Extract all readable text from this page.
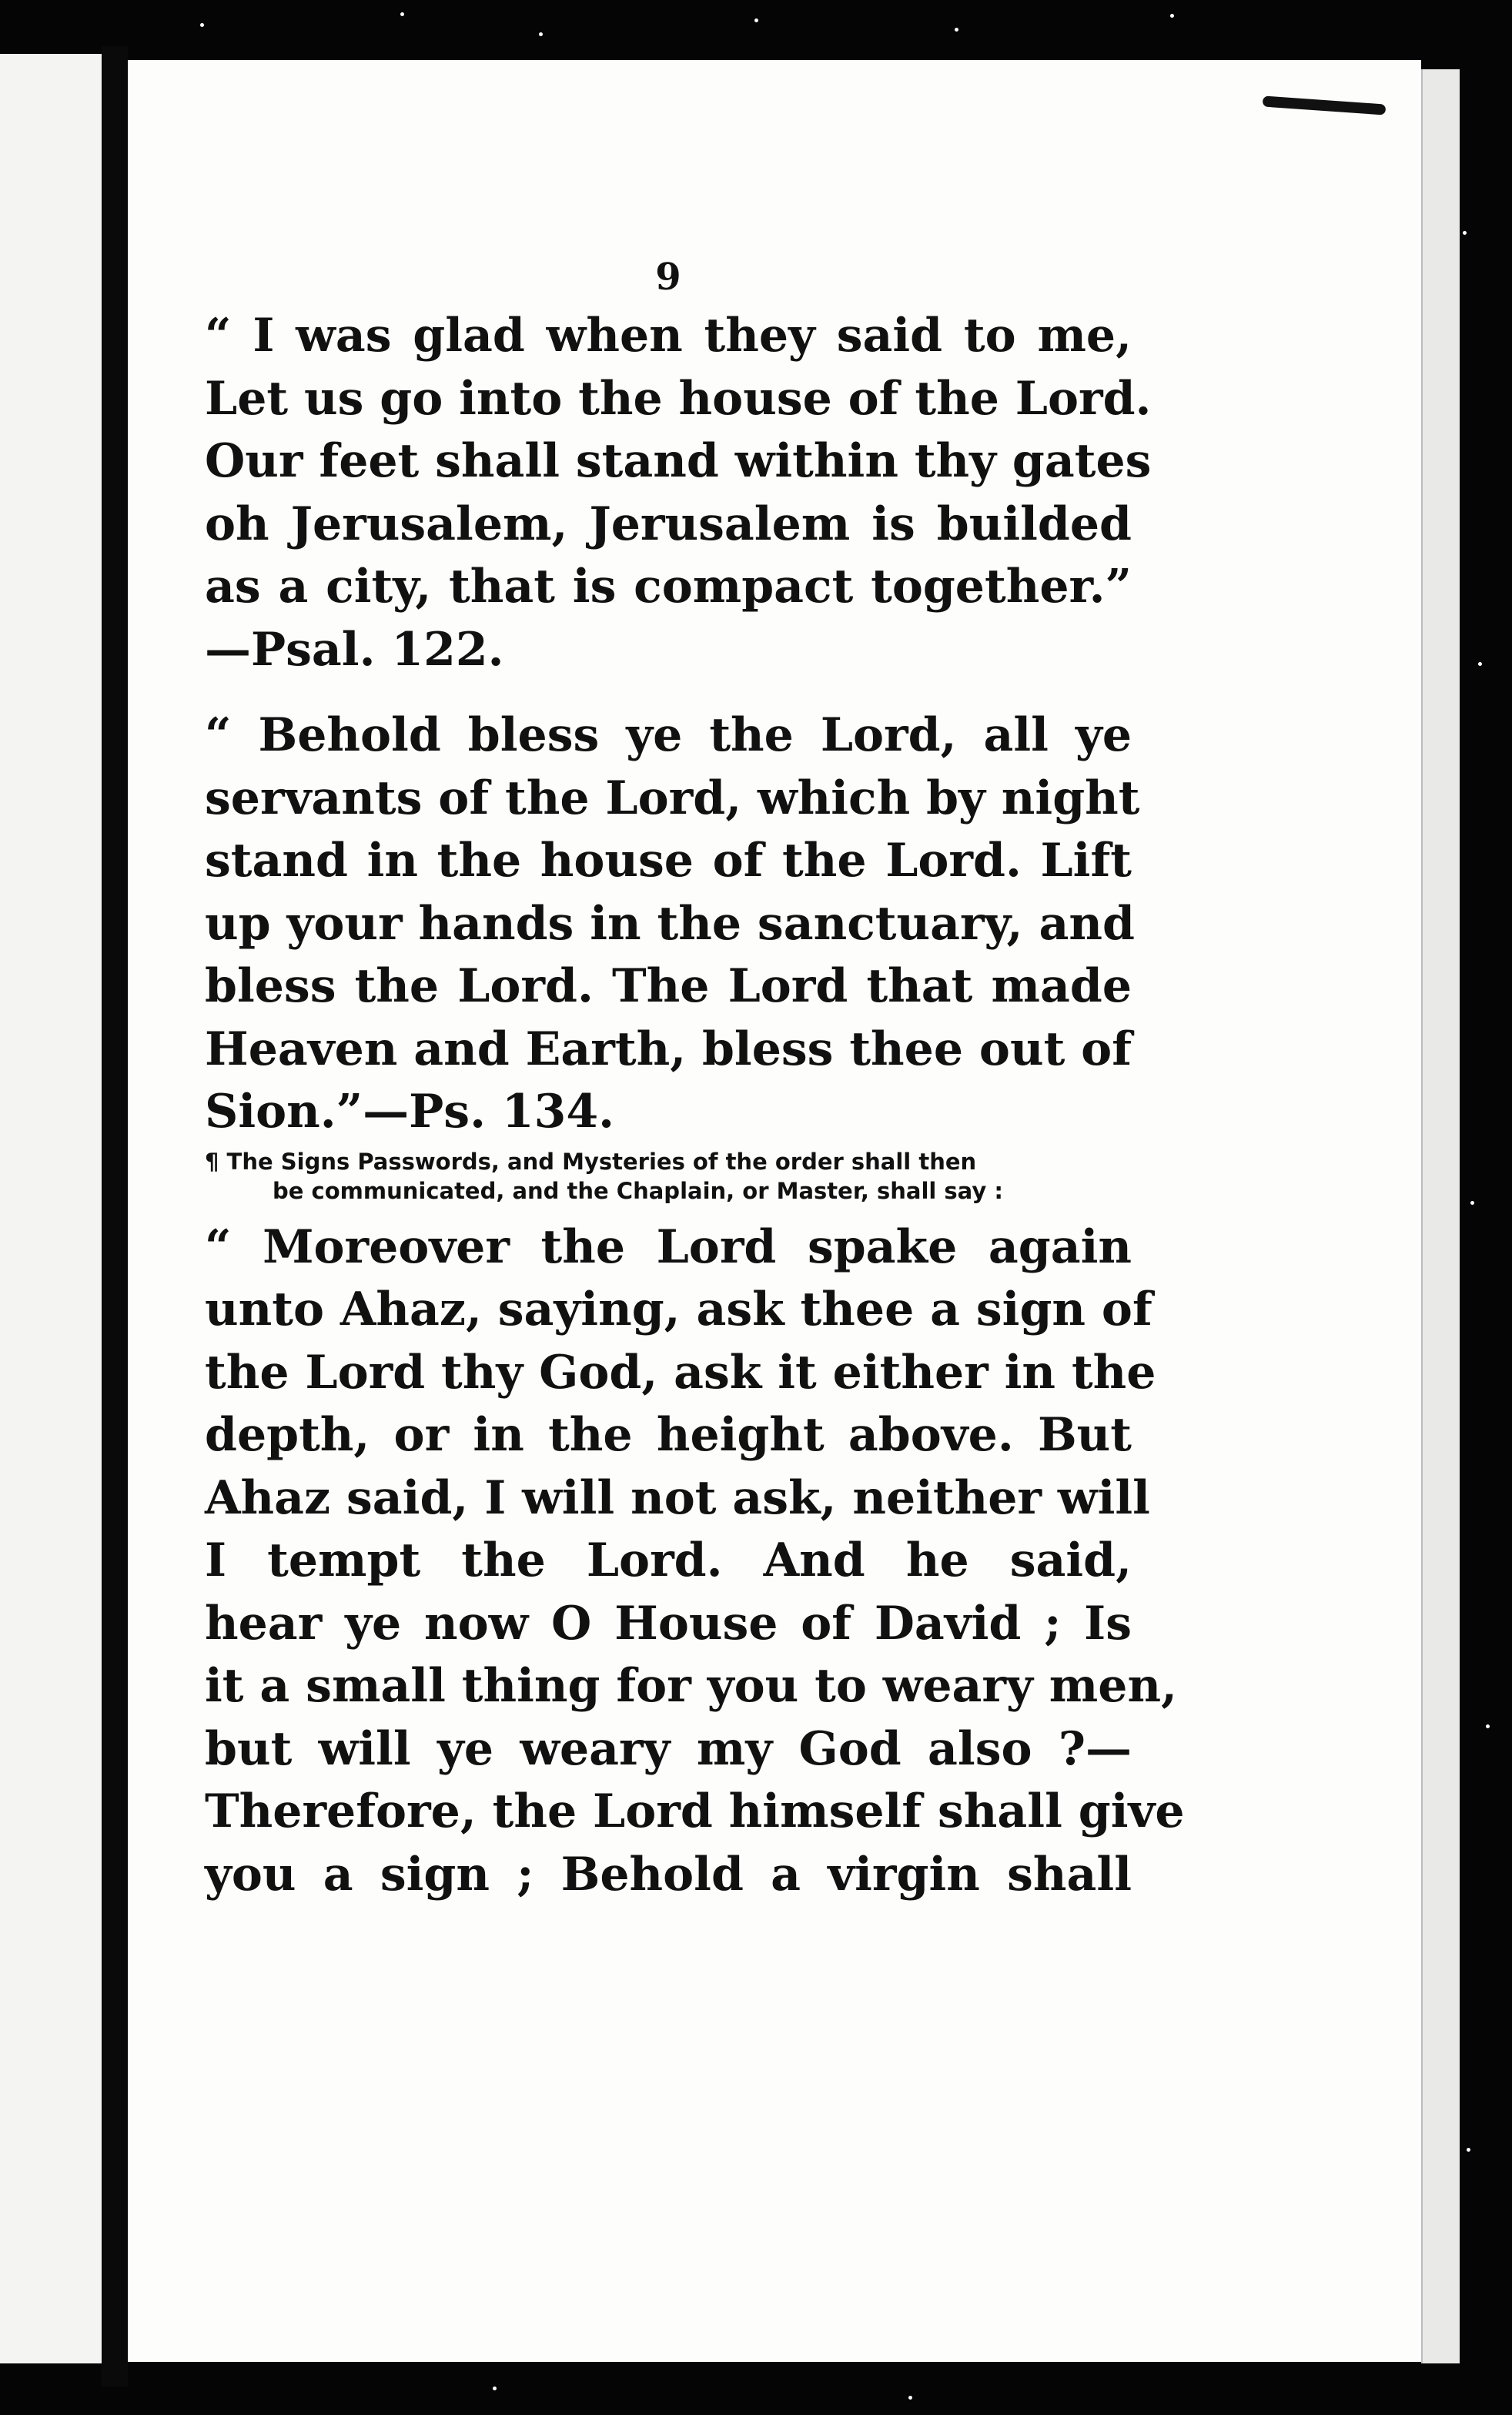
9
“ I was glad when they said to me,
Let us go into the house of the Lord.
Our feet shall stand within thy gates
oh Jerusalem, Jerusalem is builded
as a city, that is compact together.”
—Psal. 122.
“ Behold bless ye the Lord, all ye
servants of the Lord, which by night
stand in the house of the Lord. Lift
up your hands in the sanctuary, and
bless the Lord. The Lord that made
Heaven and Earth, bless thee out of
Sion.”—Ps. 134.
¶ The Signs Passwords, and Mysteries of the order shall then
be communicated, and the Chaplain, or Master, shall say :
“ Moreover the Lord spake again
unto Ahaz, saying, ask thee a sign of
the Lord thy God, ask it either in the
depth, or in the height above. But
Ahaz said, I will not ask, neither will
I tempt the Lord. And he said,
hear ye now O House of David ; Is
it a small thing for you to weary men,
but will ye weary my God also ?—
Therefore, the Lord himself shall give
you a sign ; Behold a virgin shall
